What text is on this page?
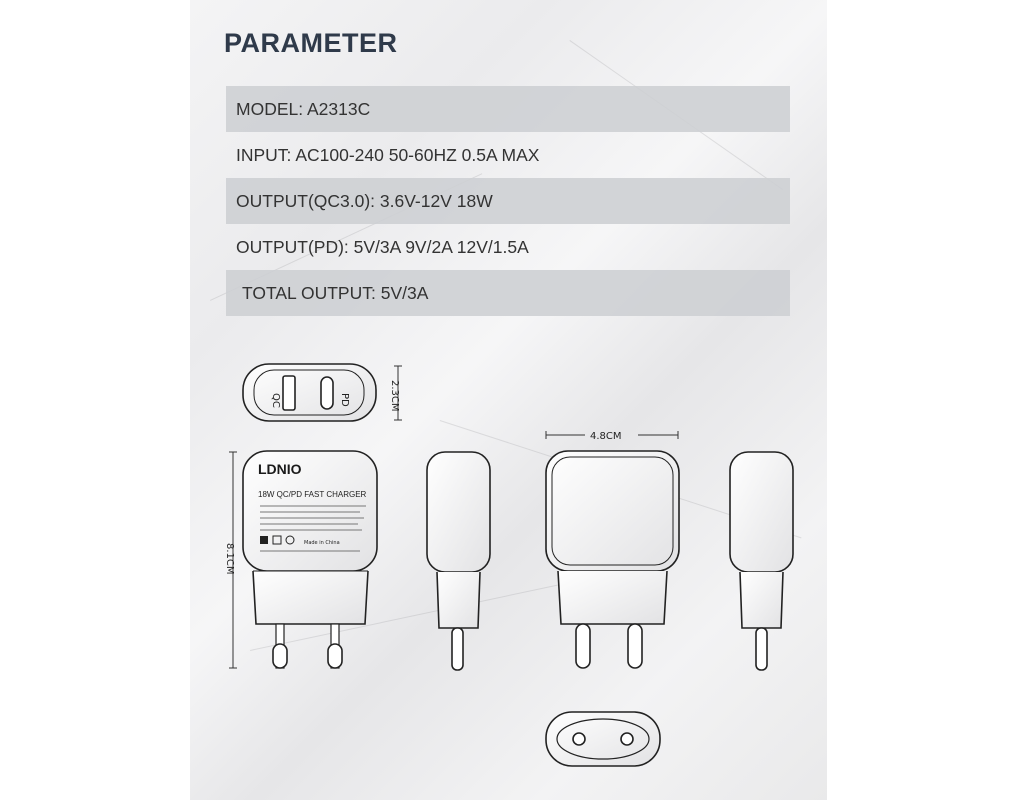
PARAMETER
MODEL: A2313C
INPUT: AC100-240 50-60HZ 0.5A MAX
OUTPUT(QC3.0): 3.6V-12V 18W
OUTPUT(PD): 5V/3A 9V/2A 12V/1.5A
TOTAL OUTPUT: 5V/3A
QC	PD
LDNIO
18W QC/PD FAST CHARGER
Made in China
2.3CM
4.8CM
8.1CM
